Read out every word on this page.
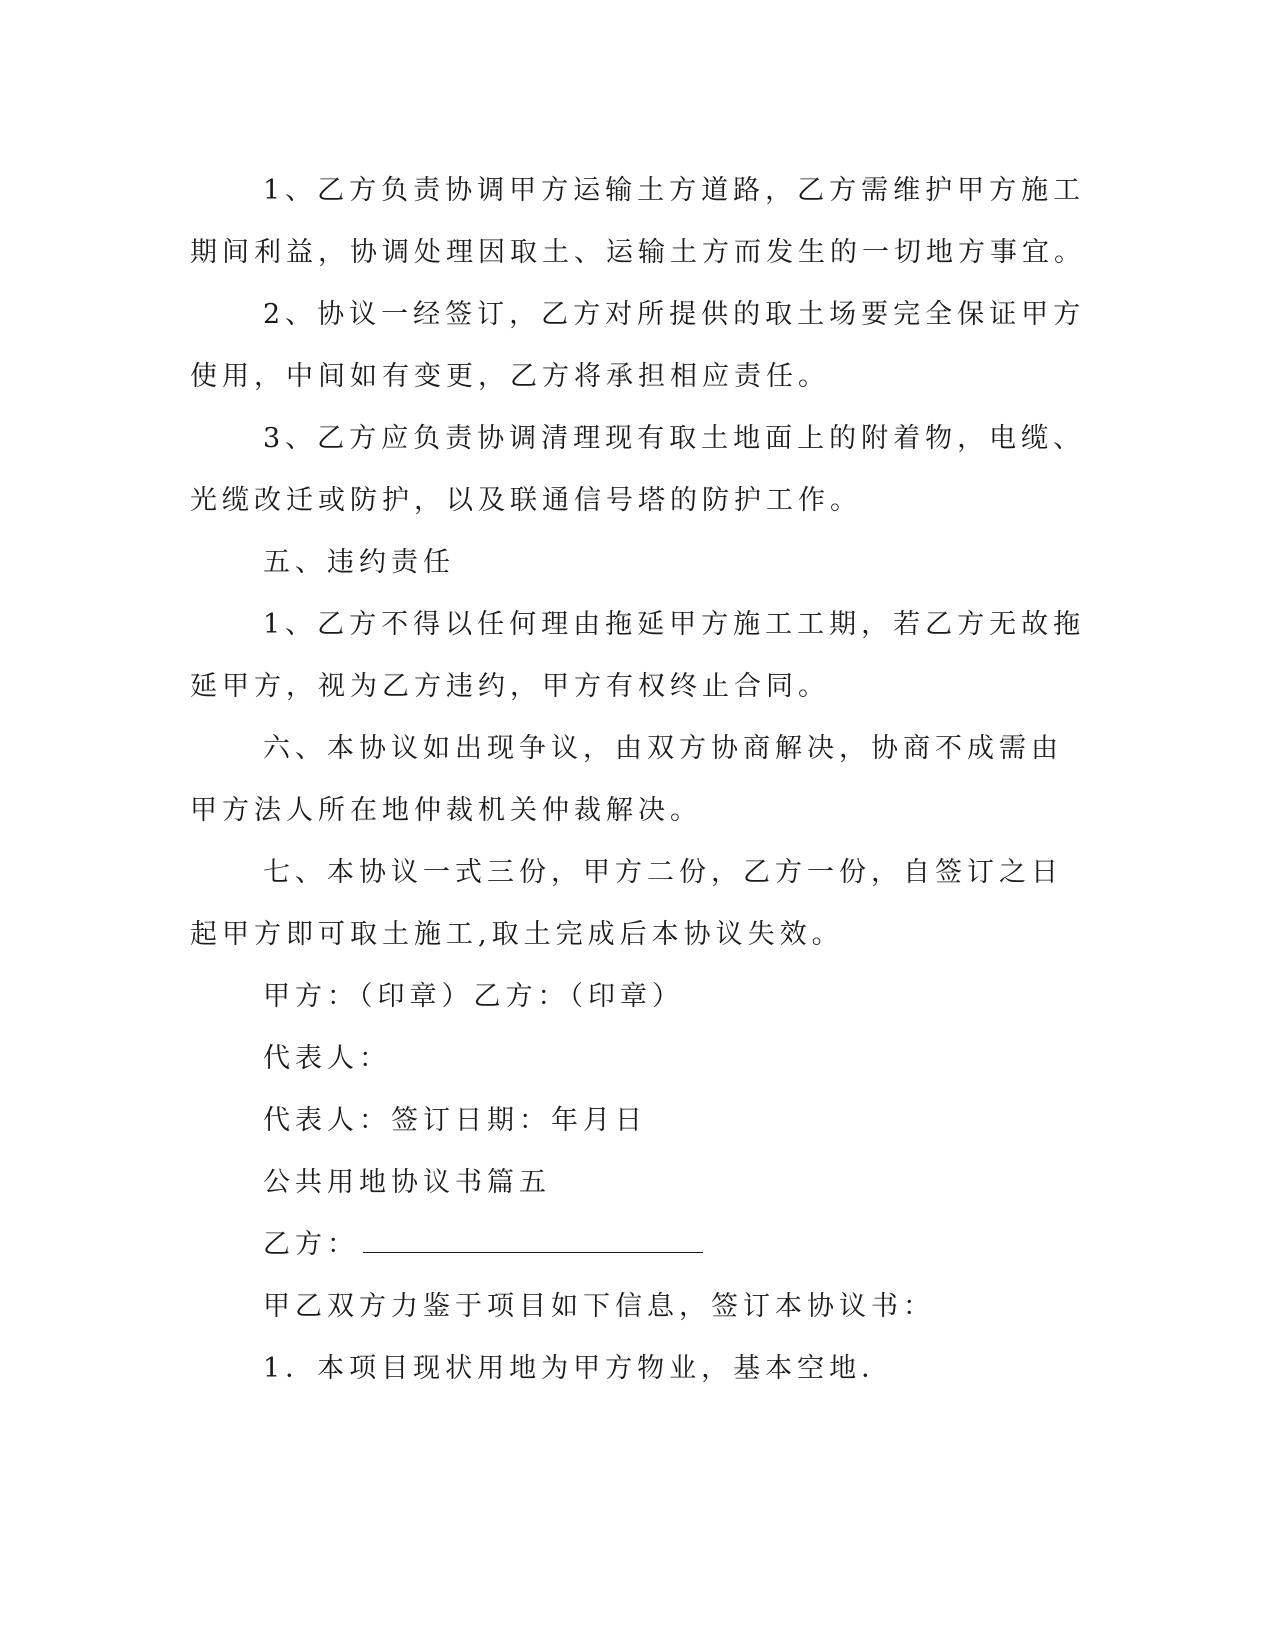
1、乙方负责协调甲方运输土方道路，乙方需维护甲方施工期间利益，协调处理因取土、运输土方而发生的一切地方事宜。

2、协议一经签订，乙方对所提供的取土场要完全保证甲方使用，中间如有变更，乙方将承担相应责任。

3、乙方应负责协调清理现有取土地面上的附着物，电缆、光缆改迁或防护，以及联通信号塔的防护工作。

五、违约责任

1、乙方不得以任何理由拖延甲方施工工期，若乙方无故拖延甲方，视为乙方违约，甲方有权终止合同。

六、本协议如出现争议，由双方协商解决，协商不成需由甲方法人所在地仲裁机关仲裁解决。

七、本协议一式三份，甲方二份，乙方一份，自签订之日起甲方即可取土施工,取土完成后本协议失效。

甲方：（印章）乙方：（印章）

代表人：

代表人：签订日期：年月日

公共用地协议书篇五

乙方：

甲乙双方力鉴于项目如下信息，签订本协议书：

1．本项目现状用地为甲方物业，基本空地．
